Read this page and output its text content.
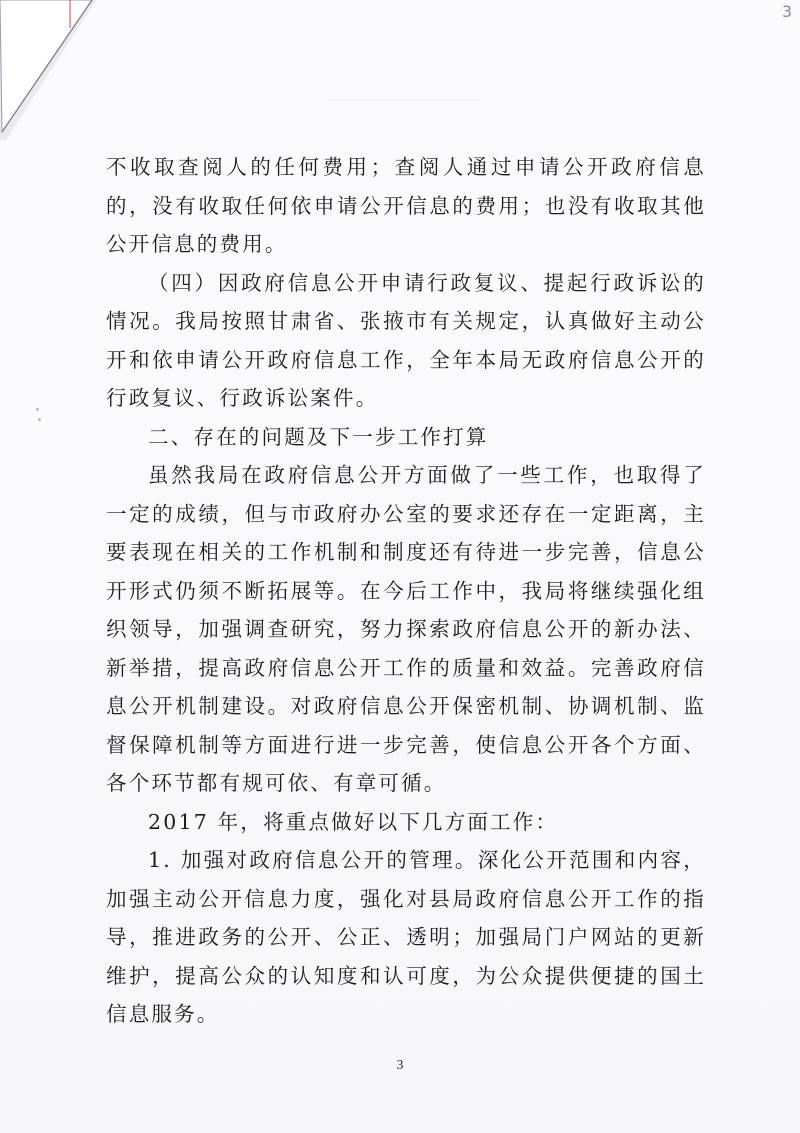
3

不收取查阅人的任何费用；查阅人通过申请公开政府信息的，没有收取任何依申请公开信息的费用；也没有收取其他公开信息的费用。

（四）因政府信息公开申请行政复议、提起行政诉讼的情况。我局按照甘肃省、张掖市有关规定，认真做好主动公开和依申请公开政府信息工作，全年本局无政府信息公开的行政复议、行政诉讼案件。

二、存在的问题及下一步工作打算

虽然我局在政府信息公开方面做了一些工作，也取得了一定的成绩，但与市政府办公室的要求还存在一定距离，主要表现在相关的工作机制和制度还有待进一步完善，信息公开形式仍须不断拓展等。在今后工作中，我局将继续强化组织领导，加强调查研究，努力探索政府信息公开的新办法、新举措，提高政府信息公开工作的质量和效益。完善政府信息公开机制建设。对政府信息公开保密机制、协调机制、监督保障机制等方面进行进一步完善，使信息公开各个方面、各个环节都有规可依、有章可循。

2017 年，将重点做好以下几方面工作：

1. 加强对政府信息公开的管理。深化公开范围和内容，加强主动公开信息力度，强化对县局政府信息公开工作的指导，推进政务的公开、公正、透明；加强局门户网站的更新维护，提高公众的认知度和认可度，为公众提供便捷的国土信息服务。

3
